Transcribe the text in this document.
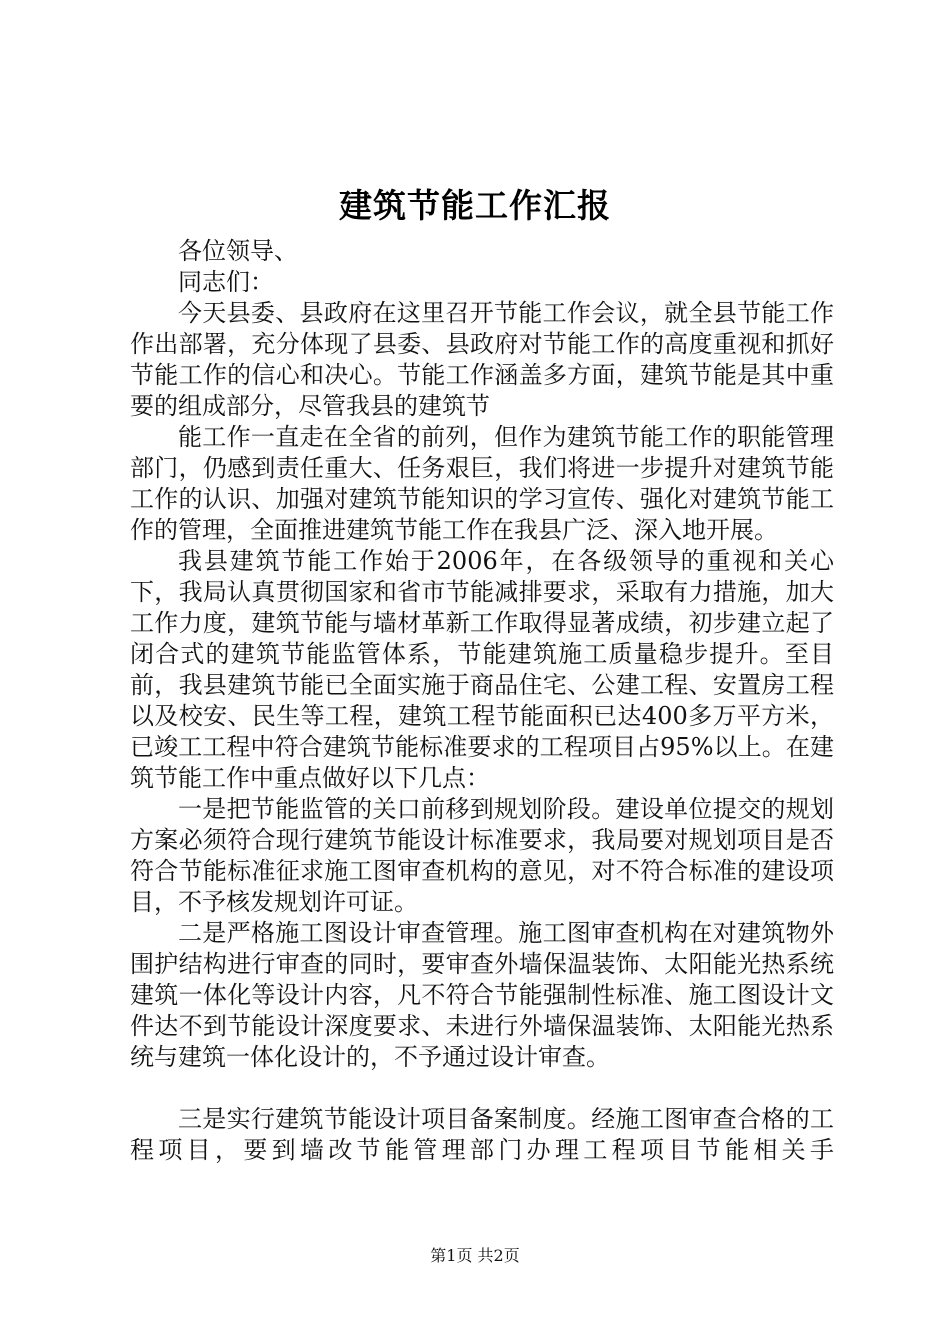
建筑节能工作汇报

各位领导、

同志们：

今天县委、县政府在这里召开节能工作会议，就全县节能工作作出部署，充分体现了县委、县政府对节能工作的高度重视和抓好节能工作的信心和决心。节能工作涵盖多方面，建筑节能是其中重要的组成部分，尽管我县的建筑节

能工作一直走在全省的前列，但作为建筑节能工作的职能管理部门，仍感到责任重大、任务艰巨，我们将进一步提升对建筑节能工作的认识、加强对建筑节能知识的学习宣传、强化对建筑节能工作的管理，全面推进建筑节能工作在我县广泛、深入地开展。

我县建筑节能工作始于2006年，在各级领导的重视和关心下，我局认真贯彻国家和省市节能减排要求，采取有力措施，加大工作力度，建筑节能与墙材革新工作取得显著成绩，初步建立起了闭合式的建筑节能监管体系，节能建筑施工质量稳步提升。至目前，我县建筑节能已全面实施于商品住宅、公建工程、安置房工程以及校安、民生等工程，建筑工程节能面积已达400多万平方米，已竣工工程中符合建筑节能标准要求的工程项目占95%以上。在建筑节能工作中重点做好以下几点：

一是把节能监管的关口前移到规划阶段。建设单位提交的规划方案必须符合现行建筑节能设计标准要求，我局要对规划项目是否符合节能标准征求施工图审查机构的意见，对不符合标准的建设项目，不予核发规划许可证。

二是严格施工图设计审查管理。施工图审查机构在对建筑物外围护结构进行审查的同时，要审查外墙保温装饰、太阳能光热系统建筑一体化等设计内容，凡不符合节能强制性标准、施工图设计文件达不到节能设计深度要求、未进行外墙保温装饰、太阳能光热系统与建筑一体化设计的，不予通过设计审查。

三是实行建筑节能设计项目备案制度。经施工图审查合格的工程项目，要到墙改节能管理部门办理工程项目节能相关手

第1页 共2页
